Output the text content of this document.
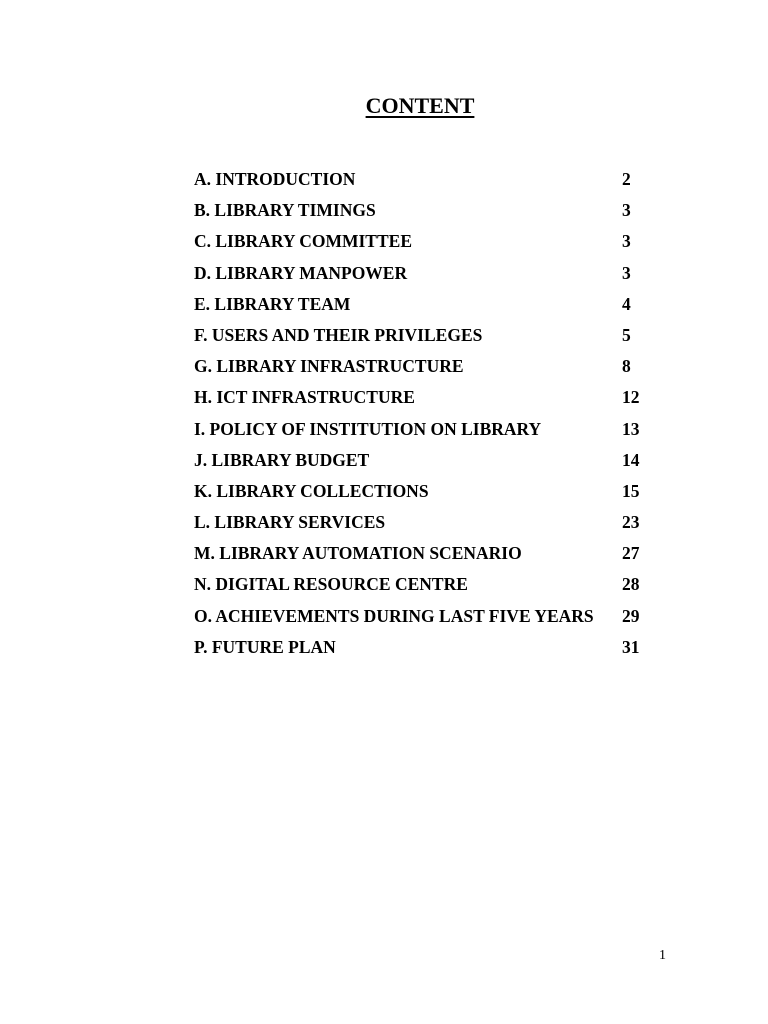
CONTENT
A. INTRODUCTION	2
B. LIBRARY TIMINGS	3
C. LIBRARY COMMITTEE	3
D. LIBRARY MANPOWER	3
E. LIBRARY TEAM	4
F. USERS AND THEIR PRIVILEGES	5
G. LIBRARY INFRASTRUCTURE	8
H. ICT INFRASTRUCTURE	12
I. POLICY OF INSTITUTION ON LIBRARY	13
J. LIBRARY BUDGET	14
K. LIBRARY COLLECTIONS	15
L. LIBRARY SERVICES	23
M. LIBRARY AUTOMATION SCENARIO	27
N. DIGITAL RESOURCE CENTRE	28
O. ACHIEVEMENTS DURING LAST FIVE YEARS 29
P. FUTURE PLAN	31
1
